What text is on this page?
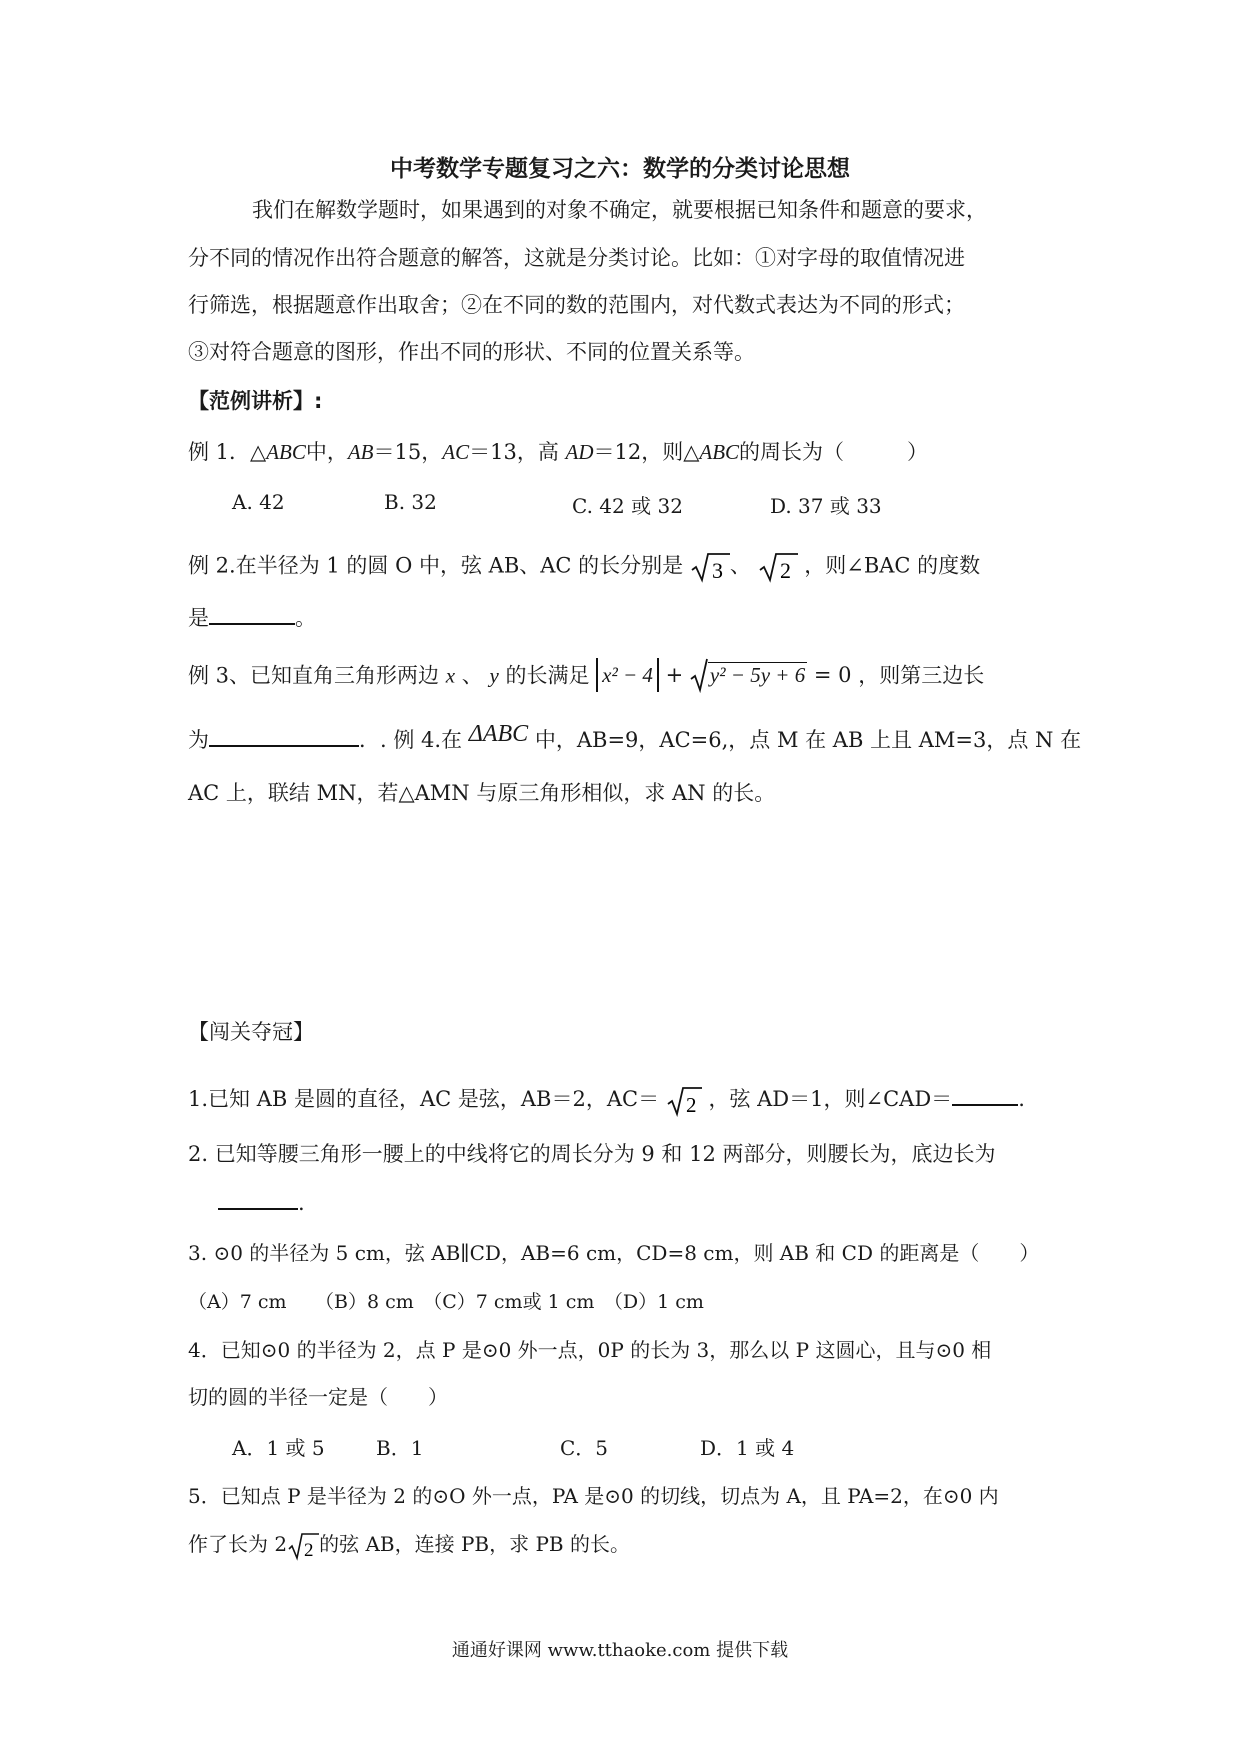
中考数学专题复习之六：数学的分类讨论思想
我们在解数学题时，如果遇到的对象不确定，就要根据已知条件和题意的要求，
分不同的情况作出符合题意的解答，这就是分类讨论。比如：①对字母的取值情况进
行筛选，根据题意作出取舍；②在不同的数的范围内，对代数式表达为不同的形式；
③对符合题意的图形，作出不同的形状、不同的位置关系等。
【范例讲析】:
例 1．△ABC中，AB＝15，AC＝13，高 AD＝12，则△ABC的周长为（　　　）
A. 42	B. 32	C. 42 或 32	D. 37 或 33
例 2.在半径为 1 的圆 O 中，弦 AB、AC 的长分别是 3 、 2 ，则∠BAC 的度数
是	。
例 3、已知直角三角形两边 x 、 y 的长满足 x² − 4 + y² − 5y + 6 = 0 ，则第三边长
为	．. 例 4.在 ΔABC 中，AB=9，AC=6,，点 M 在 AB 上且 AM=3，点 N 在
AC 上，联结 MN，若△AMN 与原三角形相似，求 AN 的长。
【闯关夺冠】
1.已知 AB 是圆的直径，AC 是弦，AB＝2，AC＝ 2 ，弦 AD＝1，则∠CAD＝	.
2. 已知等腰三角形一腰上的中线将它的周长分为 9 和 12 两部分，则腰长为，底边长为
.
3. ⊙0 的半径为 5 cm，弦 AB∥CD，AB=6 cm，CD=8 cm，则 AB 和 CD 的距离是（　　）
（A）7 cm　　（B）8 cm　（C）7 cm或 1 cm　（D）1 cm
4．已知⊙0 的半径为 2，点 P 是⊙0 外一点，0P 的长为 3，那么以 P 这圆心，且与⊙0 相
切的圆的半径一定是（　　）
A．1 或 5	B．1	C．5	D．1 或 4
5．已知点 P 是半径为 2 的⊙O 外一点，PA 是⊙0 的切线，切点为 A，且 PA=2，在⊙0 内
作了长为 2 2 的弦 AB，连接 PB，求 PB 的长。
通通好课网 www.tthaoke.com 提供下载
